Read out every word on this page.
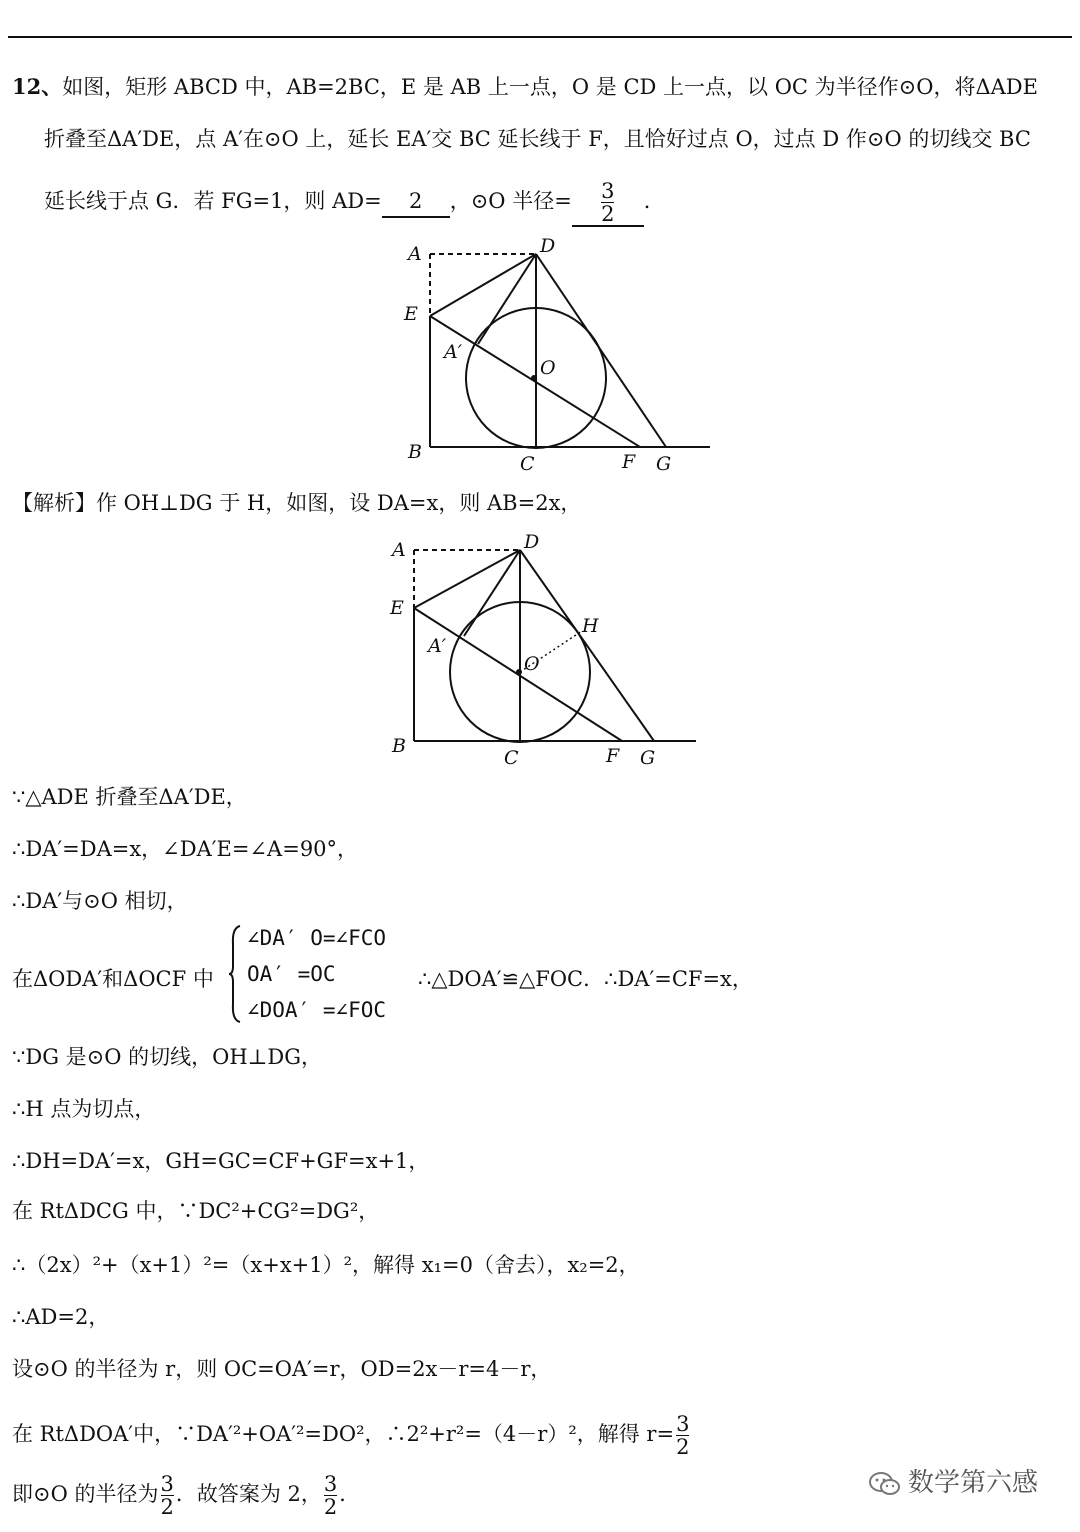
12、如图，矩形 ABCD 中，AB=2BC，E 是 AB 上一点，O 是 CD 上一点，以 OC 为半径作⊙O，将ΔADE
折叠至ΔA′DE，点 A′在⊙O 上，延长 EA′交 BC 延长线于 F，且恰好过点 O，过点 D 作⊙O 的切线交 BC
延长线于点 G．若 FG=1，则 AD= 2 ，⊙O 半径= $\frac{3}{2}$ ．
A	D
E
A′
O
B
C	F G
【解析】作 OH⊥DG 于 H，如图，设 DA=x，则 AB=2x，
A	D
E
A′
O
H
B
C	F G
∵△ADE 折叠至ΔA′DE，
∴DA′=DA=x，∠DA′E=∠A=90°，
∴DA′与⊙O 相切，
在ΔODA′和ΔOCF 中
∠DA′ O=∠FCO
OA′ =OC
∠DOA′ =∠FOC
∴△DOA′≌△FOC．∴DA′=CF=x，
∵DG 是⊙O 的切线，OH⊥DG，
∴H 点为切点，
∴DH=DA′=x，GH=GC=CF+GF=x+1，
在 RtΔDCG 中，∵DC²+CG²=DG²，
∴（2x）²+（x+1）²=（x+x+1）²，解得 x₁=0（舍去），x₂=2，
∴AD=2，
设⊙O 的半径为 r，则 OC=OA′=r，OD=2x－r=4－r，
在 RtΔDOA′中，∵DA′²+OA′²=DO²，∴2²+r²=（4－r）²，解得 $r= \frac{3}{2}$
即⊙O 的半径为 $\frac{3}{2}$ ．故答案为 2， $\frac{3}{2}$ ．	数学第六感
